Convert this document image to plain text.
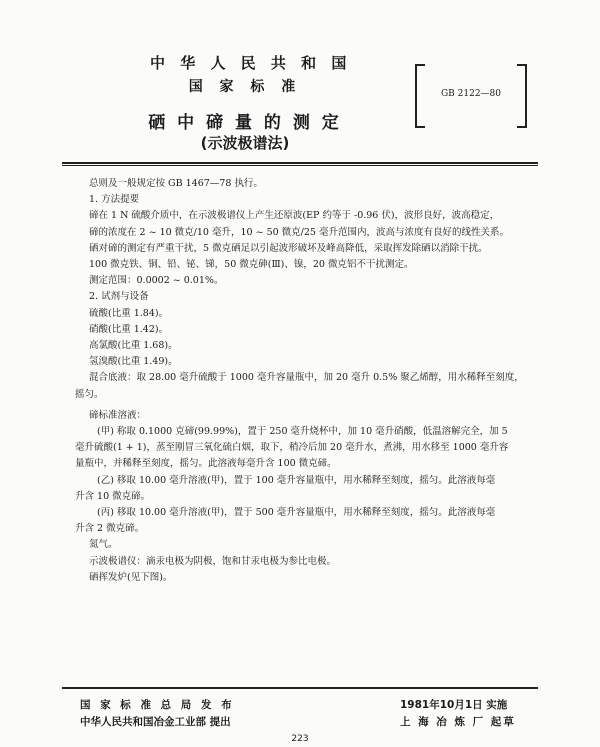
中 华 人 民 共 和 国
国 家 标 准
硒 中 碲 量 的 测 定
(示波极谱法)
GB 2122—80

总则及一般规定按 GB 1467—78 执行。

1. 方法提要

碲在 1 N 硫酸介质中，在示波极谱仪上产生还原波(EP 约等于 -0.96 伏)，波形良好，波高稳定，

碲的浓度在 2 ~ 10 微克/10 毫升，10 ~ 50 微克/25 毫升范围内，波高与浓度有良好的线性关系。

硒对碲的测定有严重干扰，5 微克硒足以引起波形破坏及峰高降低，采取挥发除硒以消除干扰。

100 微克铁、铜、铅、铋、锑，50 微克砷(Ⅲ)、镍，20 微克铝不干扰测定。

测定范围：0.0002 ~ 0.01%。

2. 试剂与设备

硫酸(比重 1.84)。

硝酸(比重 1.42)。

高氯酸(比重 1.68)。

氢溴酸(比重 1.49)。

混合底液：取 28.00 毫升硫酸于 1000 毫升容量瓶中，加 20 毫升 0.5% 聚乙烯醇，用水稀释至刻度，

摇匀。

碲标准溶液：

(甲) 称取 0.1000 克碲(99.99%)，置于 250 毫升烧杯中，加 10 毫升硝酸，低温溶解完全，加 5

毫升硫酸(1 + 1)，蒸至刚冒三氧化硫白烟，取下，稍冷后加 20 毫升水，煮沸，用水移至 1000 毫升容

量瓶中，并稀释至刻度，摇匀。此溶液每毫升含 100 微克碲。

(乙) 移取 10.00 毫升溶液(甲)，置于 100 毫升容量瓶中，用水稀释至刻度，摇匀。此溶液每毫

升含 10 微克碲。

(丙) 移取 10.00 毫升溶液(甲)，置于 500 毫升容量瓶中，用水稀释至刻度，摇匀。此溶液每毫

升含 2 微克碲。

氮气。

示波极谱仪：滴汞电极为阴极，饱和甘汞电极为参比电极。

硒挥发炉(见下图)。

国 家 标 准 总 局 发 布
中华人民共和国冶金工业部 提出
1981年10月1日 实施
上 海 冶 炼 厂 起草
223
